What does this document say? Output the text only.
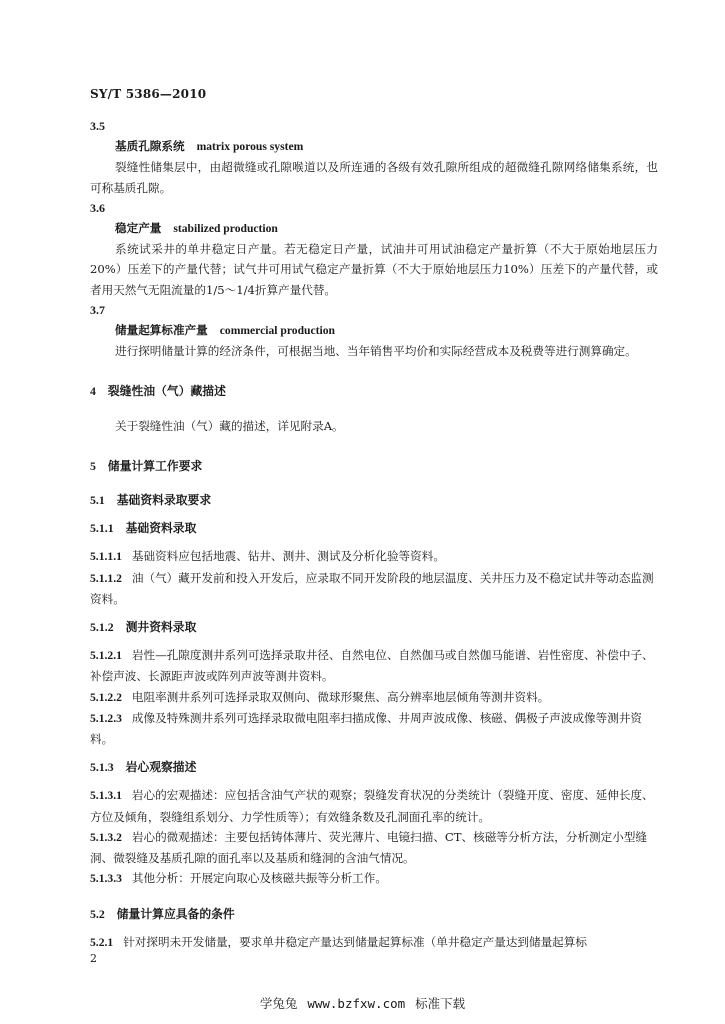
SY/T 5386—2010
3.5
基质孔隙系统 matrix porous system
裂缝性储集层中，由超微缝或孔隙喉道以及所连通的各级有效孔隙所组成的超微缝孔隙网络储集系统，也可称基质孔隙。
3.6
稳定产量 stabilized production
系统试采井的单井稳定日产量。若无稳定日产量，试油井可用试油稳定产量折算（不大于原始地层压力20%）压差下的产量代替；试气井可用试气稳定产量折算（不大于原始地层压力10%）压差下的产量代替，或者用天然气无阻流量的1/5～1/4折算产量代替。
3.7
储量起算标准产量 commercial production
进行探明储量计算的经济条件，可根据当地、当年销售平均价和实际经营成本及税费等进行测算确定。
4 裂缝性油（气）藏描述
关于裂缝性油（气）藏的描述，详见附录A。
5 储量计算工作要求
5.1 基础资料录取要求
5.1.1 基础资料录取
5.1.1.1 基础资料应包括地震、钻井、测井、测试及分析化验等资料。
5.1.1.2 油（气）藏开发前和投入开发后，应录取不同开发阶段的地层温度、关井压力及不稳定试井等动态监测资料。
5.1.2 测井资料录取
5.1.2.1 岩性—孔隙度测井系列可选择录取井径、自然电位、自然伽马或自然伽马能谱、岩性密度、补偿中子、补偿声波、长源距声波或阵列声波等测井资料。
5.1.2.2 电阻率测井系列可选择录取双侧向、微球形聚焦、高分辨率地层倾角等测井资料。
5.1.2.3 成像及特殊测井系列可选择录取微电阻率扫描成像、井周声波成像、核磁、偶极子声波成像等测井资料。
5.1.3 岩心观察描述
5.1.3.1 岩心的宏观描述：应包括含油气产状的观察；裂缝发育状况的分类统计（裂缝开度、密度、延伸长度、方位及倾角，裂缝组系划分、力学性质等）；有效缝条数及孔洞面孔率的统计。
5.1.3.2 岩心的微观描述：主要包括铸体薄片、荧光薄片、电镜扫描、CT、核磁等分析方法，分析测定小型缝洞、微裂缝及基质孔隙的面孔率以及基质和缝洞的含油气情况。
5.1.3.3 其他分析：开展定向取心及核磁共振等分析工作。
5.2 储量计算应具备的条件
5.2.1 针对探明未开发储量，要求单井稳定产量达到储量起算标准（单井稳定产量达到储量起算标
2
学兔兔 www.bzfxw.com 标准下载
